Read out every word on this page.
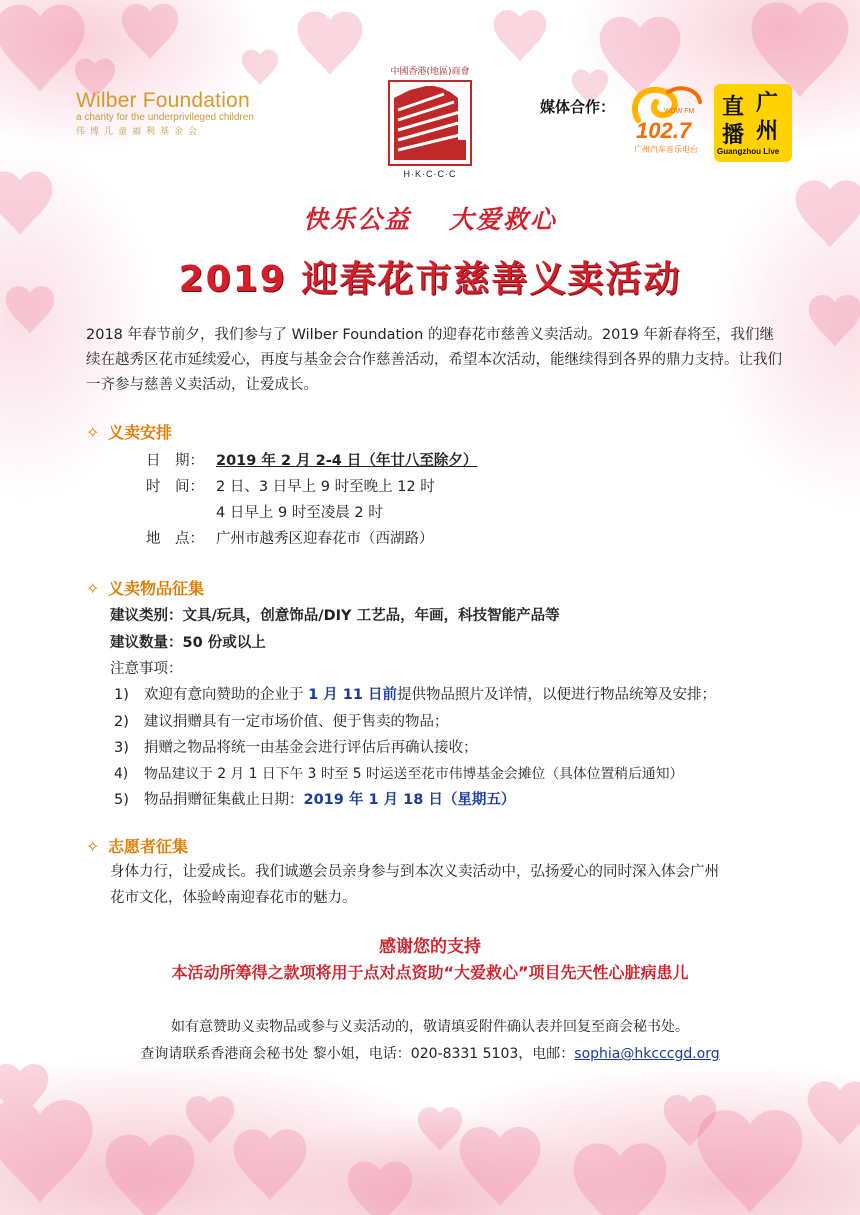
Wilber Foundation
a charity for the underprivileged children
伟博儿童福利基金会
中國香港(地區)商會
H·K·C·C·C
媒体合作：	WDW FM
102.7
广州汽车音乐电台
直 广
播 州
Guangzhou Live
快乐公益　 大爱救心
2019 迎春花市慈善义卖活动
2018 年春节前夕，我们参与了 Wilber Foundation 的迎春花市慈善义卖活动。2019 年新春将至，我们继续在越秀区花市延续爱心，再度与基金会合作慈善活动，希望本次活动，能继续得到各界的鼎力支持。让我们一齐参与慈善义卖活动，让爱成长。
✧ 义卖安排
日　期： 2019 年 2 月 2-4 日（年廿八至除夕）
时　间： 2 日、3 日早上 9 时至晚上 12 时
4 日早上 9 时至凌晨 2 时
地　点： 广州市越秀区迎春花市（西湖路）
✧ 义卖物品征集
建议类别：文具/玩具，创意饰品/DIY 工艺品，年画，科技智能产品等
建议数量：50 份或以上
注意事项：
1) 欢迎有意向赞助的企业于 1 月 11 日前提供物品照片及详情，以便进行物品统筹及安排；
2) 建议捐赠具有一定市场价值、便于售卖的物品；
3) 捐赠之物品将统一由基金会进行评估后再确认接收；
4) 物品建议于 2 月 1 日下午 3 时至 5 时运送至花市伟博基金会摊位（具体位置稍后通知）
5) 物品捐赠征集截止日期：2019 年 1 月 18 日（星期五）
✧ 志愿者征集
身体力行，让爱成长。我们诚邀会员亲身参与到本次义卖活动中，弘扬爱心的同时深入体会广州
花市文化，体验岭南迎春花市的魅力。
感谢您的支持
本活动所筹得之款项将用于点对点资助“大爱救心”项目先天性心脏病患儿
如有意赞助义卖物品或参与义卖活动的，敬请填妥附件确认表并回复至商会秘书处。
查询请联系香港商会秘书处 黎小姐，电话：020-8331 5103，电邮：sophia@hkcccgd.org
